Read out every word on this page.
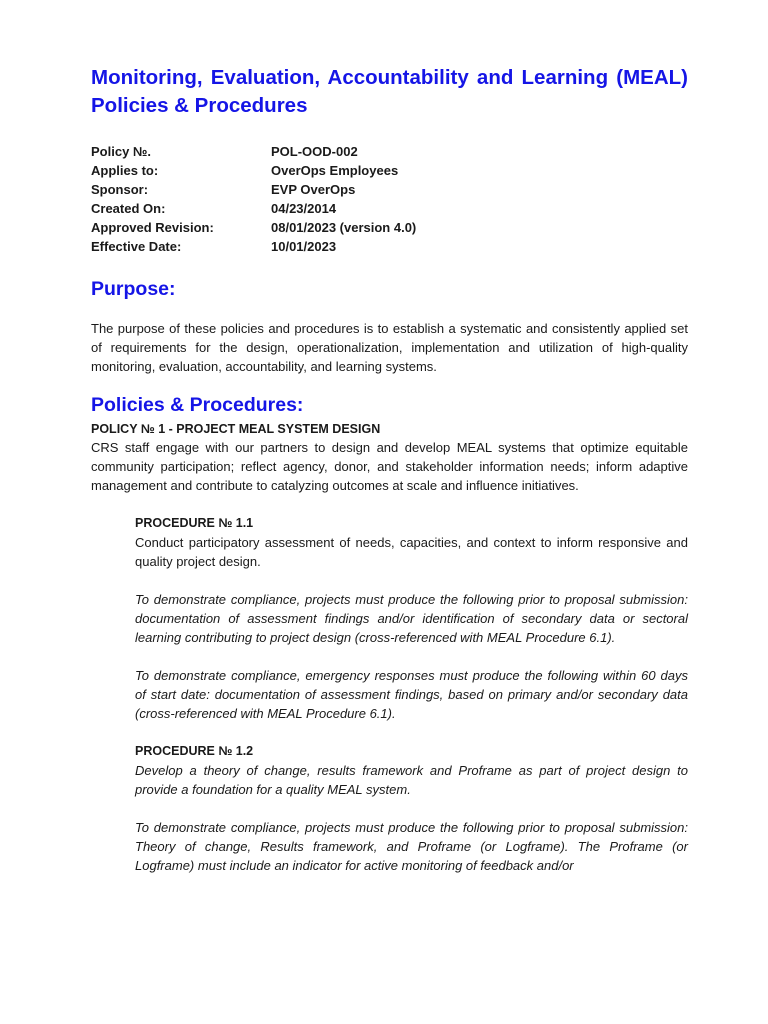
Monitoring, Evaluation, Accountability and Learning (MEAL) Policies & Procedures
Policy №.	POL-OOD-002
Applies to:	OverOps Employees
Sponsor:	EVP OverOps
Created On:	04/23/2014
Approved Revision:	08/01/2023 (version 4.0)
Effective Date:	10/01/2023
Purpose:

The purpose of these policies and procedures is to establish a systematic and consistently applied set of requirements for the design, operationalization, implementation and utilization of high-quality monitoring, evaluation, accountability, and learning systems.

Policies & Procedures:
POLICY № 1 - PROJECT MEAL SYSTEM DESIGN

CRS staff engage with our partners to design and develop MEAL systems that optimize equitable community participation; reflect agency, donor, and stakeholder information needs; inform adaptive management and contribute to catalyzing outcomes at scale and influence initiatives.

PROCEDURE № 1.1

Conduct participatory assessment of needs, capacities, and context to inform responsive and quality project design.

To demonstrate compliance, projects must produce the following prior to proposal submission: documentation of assessment findings and/or identification of secondary data or sectoral learning contributing to project design (cross-referenced with MEAL Procedure 6.1).

To demonstrate compliance, emergency responses must produce the following within 60 days of start date: documentation of assessment findings, based on primary and/or secondary data (cross-referenced with MEAL Procedure 6.1).

PROCEDURE № 1.2

Develop a theory of change, results framework and Proframe as part of project design to provide a foundation for a quality MEAL system.

To demonstrate compliance, projects must produce the following prior to proposal submission: Theory of change, Results framework, and Proframe (or Logframe). The Proframe (or Logframe) must include an indicator for active monitoring of feedback and/or
